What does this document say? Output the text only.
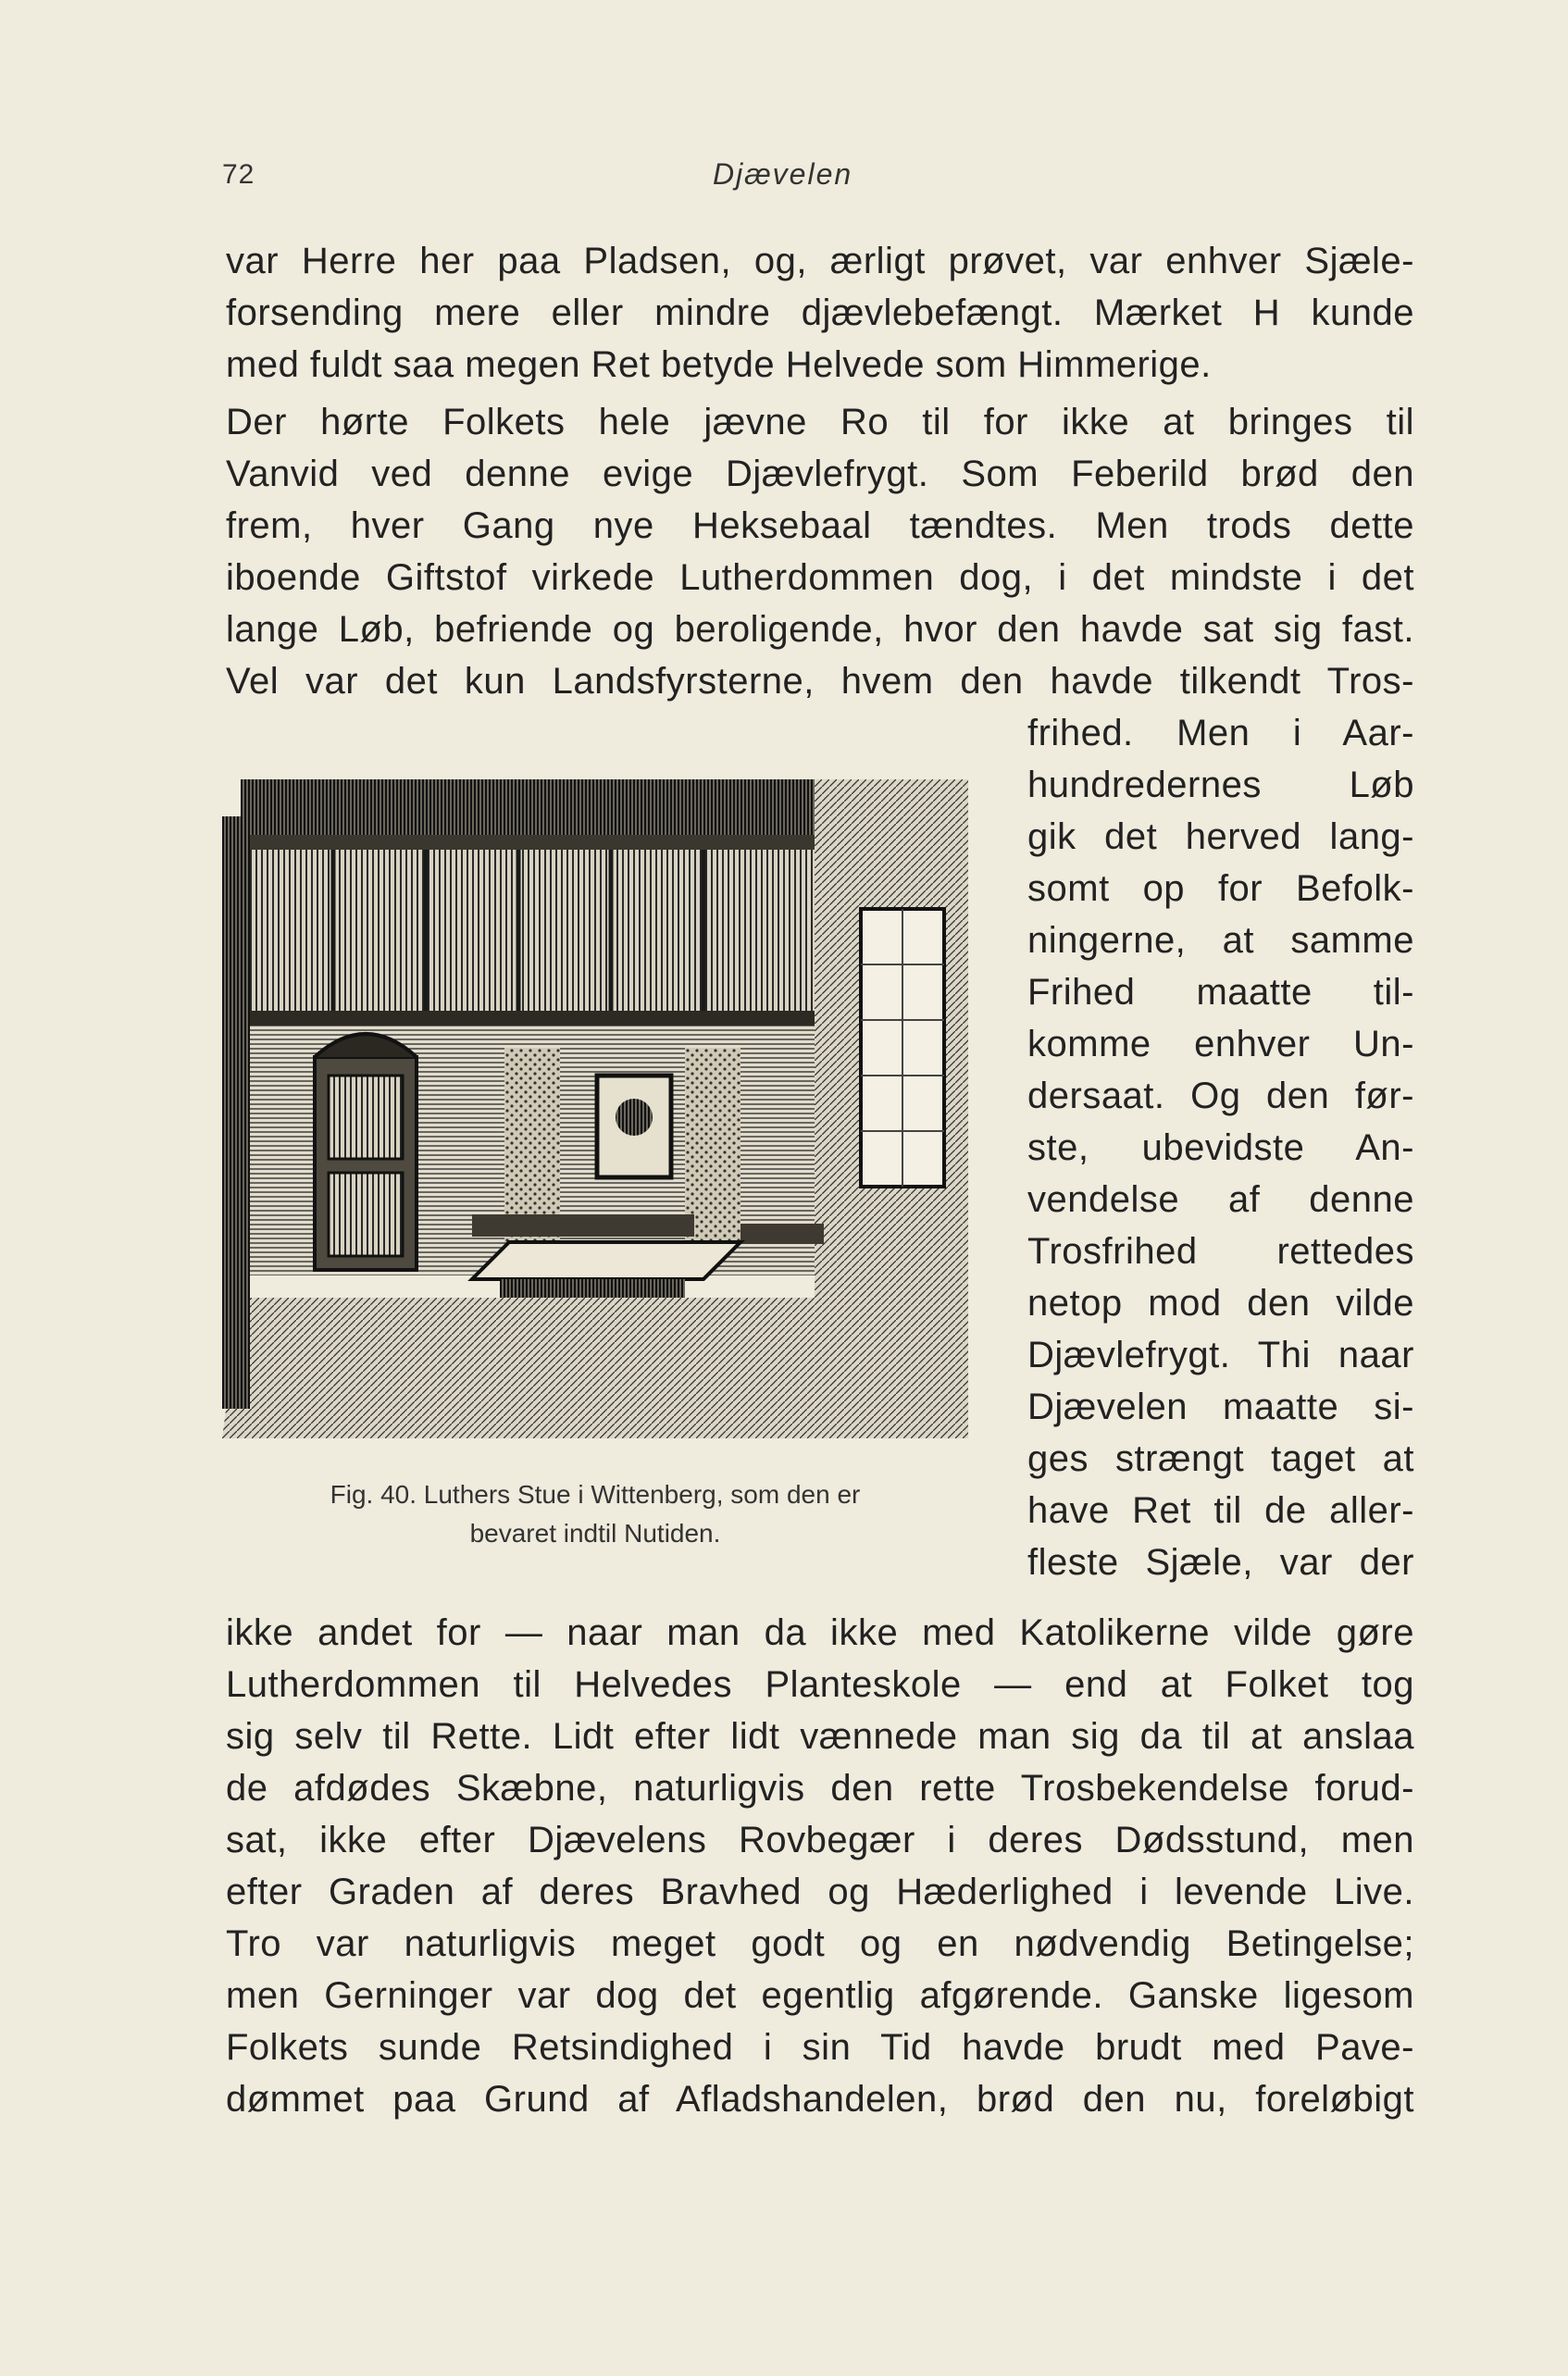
72	Djævelen
var Herre her paa Pladsen, og, ærligt prøvet, var enhver Sjæle-
forsending mere eller mindre djævlebefængt. Mærket H kunde
med fuldt saa megen Ret betyde Helvede som Himmerige.
Der hørte Folkets hele jævne Ro til for ikke at bringes til
Vanvid ved denne evige Djævlefrygt. Som Feberild brød den
frem, hver Gang nye Heksebaal tændtes. Men trods dette
iboende Giftstof virkede Lutherdommen dog, i det mindste i det
lange Løb, befriende og beroligende, hvor den havde sat sig fast.
Vel var det kun Landsfyrsterne, hvem den havde tilkendt Tros-
frihed. Men i Aar-
hundredernes Løb
gik det herved lang-
somt op for Befolk-
ningerne, at samme
Frihed maatte til-
komme enhver Un-
dersaat. Og den før-
ste, ubevidste An-
vendelse af denne
Trosfrihed rettedes
netop mod den vilde
Djævlefrygt. Thi naar
Djævelen maatte si-
ges strængt taget at
have Ret til de aller-
fleste Sjæle, var der
Fig. 40. Luthers Stue i Wittenberg, som den er
bevaret indtil Nutiden.
ikke andet for — naar man da ikke med Katolikerne vilde gøre
Lutherdommen til Helvedes Planteskole — end at Folket tog
sig selv til Rette. Lidt efter lidt vænnede man sig da til at anslaa
de afdødes Skæbne, naturligvis den rette Trosbekendelse forud-
sat, ikke efter Djævelens Rovbegær i deres Dødsstund, men
efter Graden af deres Bravhed og Hæderlighed i levende Live.
Tro var naturligvis meget godt og en nødvendig Betingelse;
men Gerninger var dog det egentlig afgørende. Ganske ligesom
Folkets sunde Retsindighed i sin Tid havde brudt med Pave-
dømmet paa Grund af Afladshandelen, brød den nu, foreløbigt
